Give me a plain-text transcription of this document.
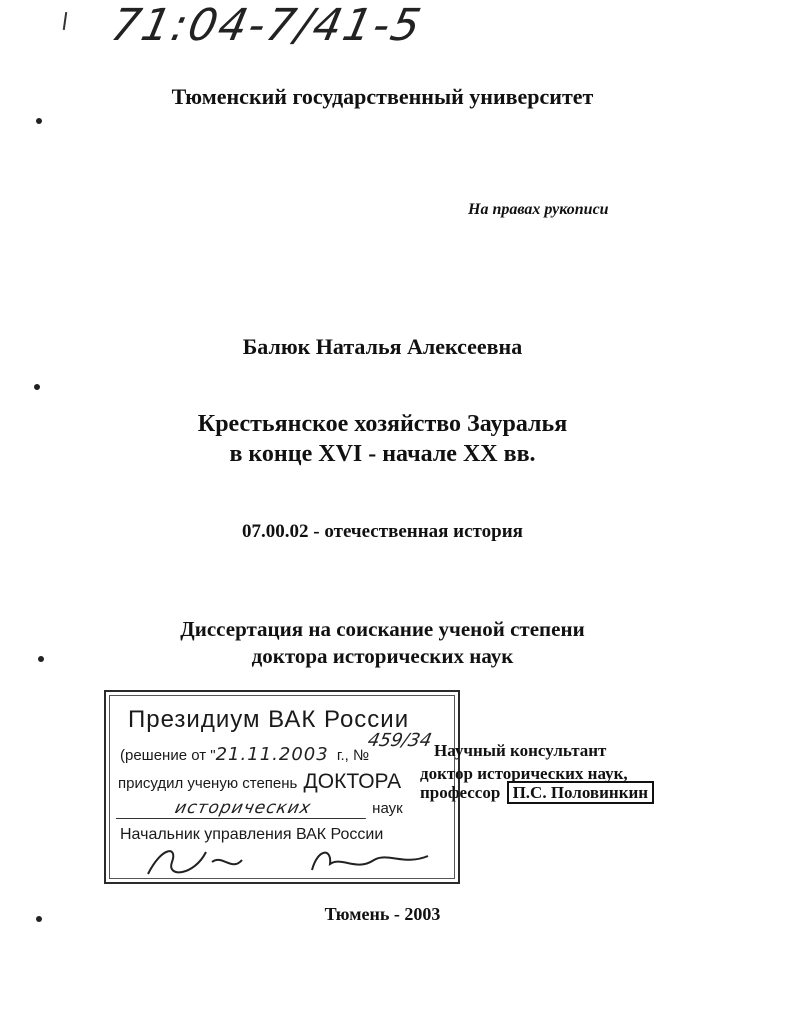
71:04-7/41-5
Тюменский государственный университет
На правах рукописи
Балюк Наталья Алексеевна
Крестьянское хозяйство Зауралья
в конце XVI - начале XX вв.
07.00.02 - отечественная история
Диссертация на соискание ученой степени
доктора исторических наук
Президиум ВАК России
(решение от "21.11.2003 г., №
459/34
присудил ученую степень ДОКТОРА
исторических	наук
Начальник управления ВАК России
Научный консультант
доктор исторических наук,
профессор П.С. Половинкин
Тюмень - 2003
